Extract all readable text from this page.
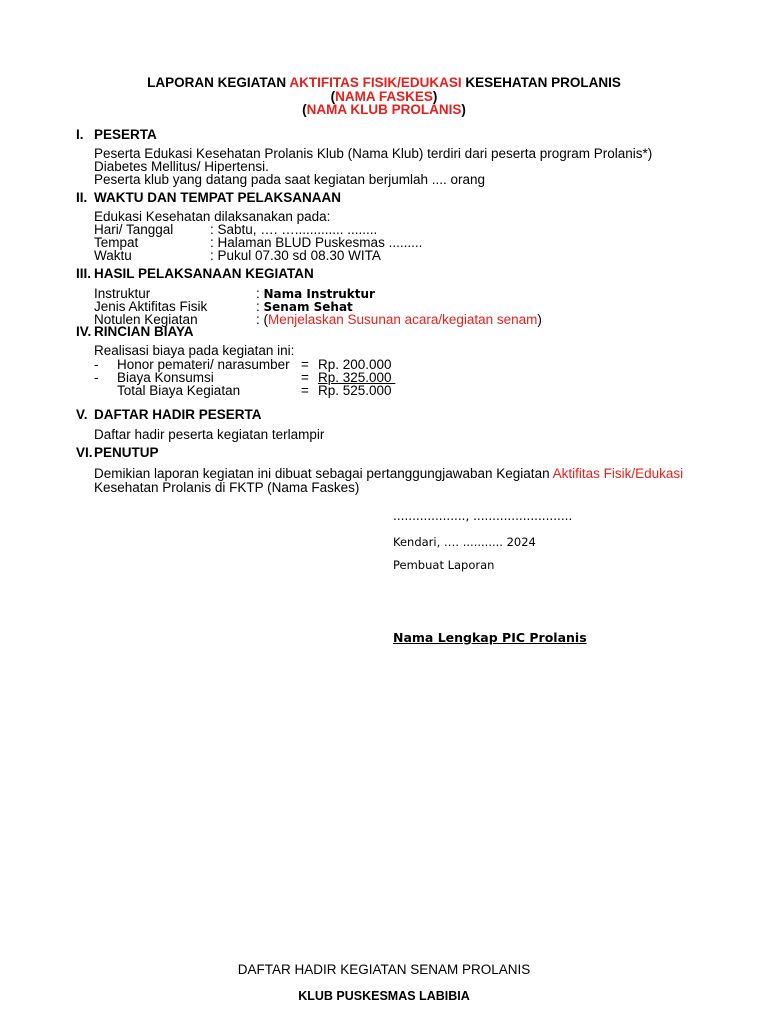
LAPORAN KEGIATAN AKTIFITAS FISIK/EDUKASI KESEHATAN PROLANIS
(NAMA FASKES)
(NAMA KLUB PROLANIS)
I. PESERTA
Peserta Edukasi Kesehatan Prolanis Klub (Nama Klub) terdiri dari peserta program Prolanis*)
Diabetes Mellitus/ Hipertensi.
Peserta klub yang datang pada saat kegiatan berjumlah .... orang
II. WAKTU DAN TEMPAT PELAKSANAAN
Edukasi Kesehatan dilaksanakan pada:
Hari/ Tanggal	: Sabtu, …. …............. ........
Tempat	: Halaman BLUD Puskesmas .........
Waktu	: Pukul 07.30 sd 08.30 WITA
III. HASIL PELAKSANAAN KEGIATAN
Instruktur	: Nama Instruktur
Jenis Aktifitas Fisik	: Senam Sehat
Notulen Kegiatan	: (Menjelaskan Susunan acara/kegiatan senam)
IV. RINCIAN BIAYA
Realisasi biaya pada kegiatan ini:
- Honor pemateri/ narasumber = Rp. 200.000
- Biaya Konsumsi	= Rp. 325.000
Total Biaya Kegiatan	= Rp. 525.000
V. DAFTAR HADIR PESERTA
Daftar hadir peserta kegiatan terlampir
VI.PENUTUP
Demikian laporan kegiatan ini dibuat sebagai pertanggungjawaban Kegiatan Aktifitas Fisik/Edukasi
Kesehatan Prolanis di FKTP (Nama Faskes)
..................., ..........................
Kendari, …. ........... 2024
Pembuat Laporan
Nama Lengkap PIC Prolanis
DAFTAR HADIR KEGIATAN SENAM PROLANIS
KLUB PUSKESMAS LABIBIA
